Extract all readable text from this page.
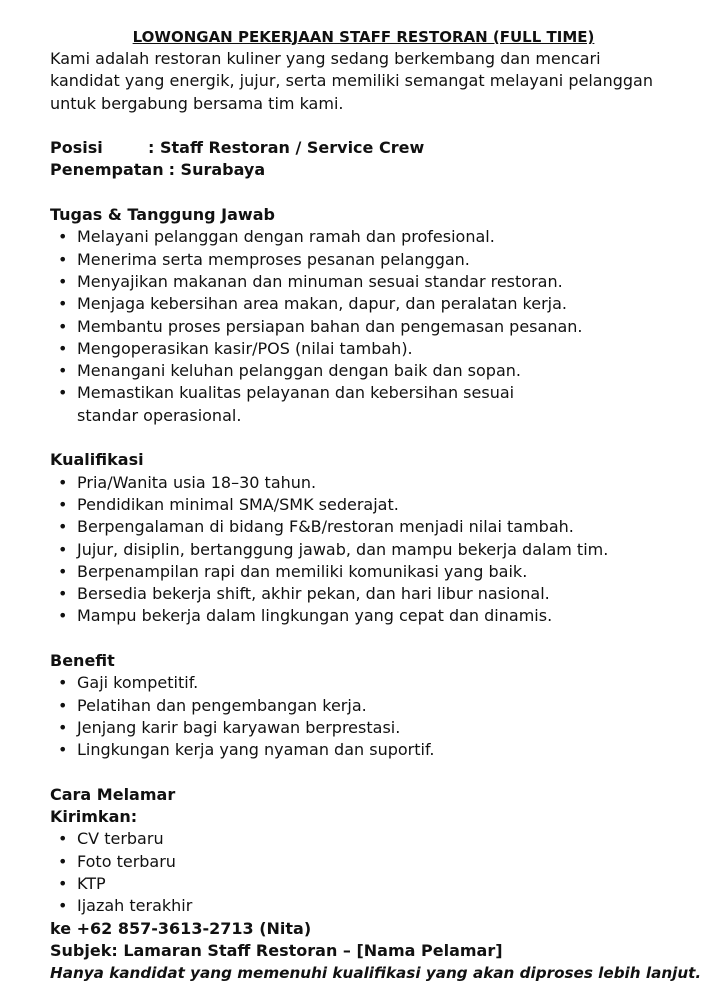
LOWONGAN PEKERJAAN STAFF RESTORAN (FULL TIME)

Kami adalah restoran kuliner yang sedang berkembang dan mencari kandidat yang energik, jujur, serta memiliki semangat melayani pelanggan untuk bergabung bersama tim kami.

Posisi	: Staff Restoran / Service Crew
Penempatan : Surabaya
Tugas & Tanggung Jawab
• Melayani pelanggan dengan ramah dan profesional.
• Menerima serta memproses pesanan pelanggan.
• Menyajikan makanan dan minuman sesuai standar restoran.
• Menjaga kebersihan area makan, dapur, dan peralatan kerja.
• Membantu proses persiapan bahan dan pengemasan pesanan.
• Mengoperasikan kasir/POS (nilai tambah).
• Menangani keluhan pelanggan dengan baik dan sopan.
• Memastikan kualitas pelayanan dan kebersihan sesuai standar operasional.
Kualifikasi
• Pria/Wanita usia 18–30 tahun.
• Pendidikan minimal SMA/SMK sederajat.
• Berpengalaman di bidang F&B/restoran menjadi nilai tambah.
• Jujur, disiplin, bertanggung jawab, dan mampu bekerja dalam tim.
• Berpenampilan rapi dan memiliki komunikasi yang baik.
• Bersedia bekerja shift, akhir pekan, dan hari libur nasional.
• Mampu bekerja dalam lingkungan yang cepat dan dinamis.
Benefit
• Gaji kompetitif.
• Pelatihan dan pengembangan kerja.
• Jenjang karir bagi karyawan berprestasi.
• Lingkungan kerja yang nyaman dan suportif.
Cara Melamar
Kirimkan:
• CV terbaru
• Foto terbaru
• KTP
• Ijazah terakhir
ke +62 857-3613-2713 (Nita)
Subjek: Lamaran Staff Restoran – [Nama Pelamar]
Hanya kandidat yang memenuhi kualifikasi yang akan diproses lebih lanjut.
